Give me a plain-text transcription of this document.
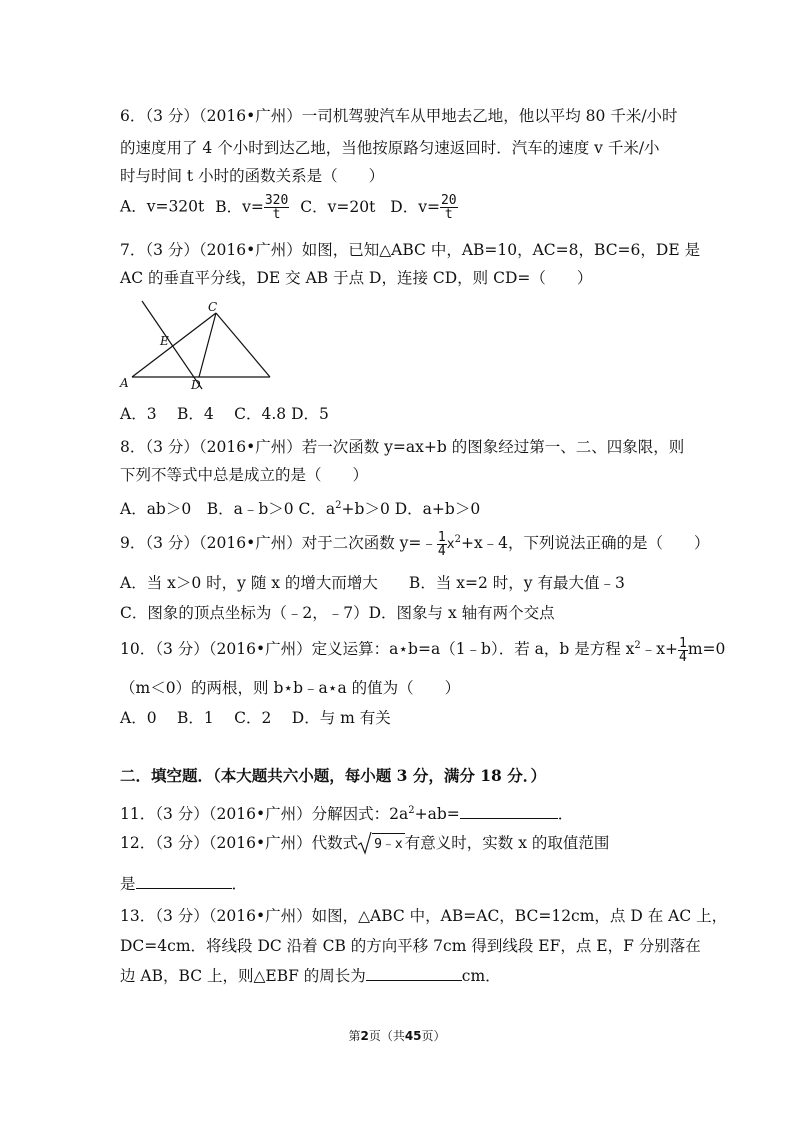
6．（3 分）（2016•广州）一司机驾驶汽车从甲地去乙地，他以平均 80 千米/小时
的速度用了 4 个小时到达乙地，当他按原路匀速返回时．汽车的速度 v 千米/小
时与时间 t 小时的函数关系是（　　）
A．v=320t B．$v= \frac{320}{t}$ C．v=20t D．$v= \frac{20}{t}$
7．（3 分）（2016•广州）如图，已知△ABC 中，AB=10，AC=8，BC=6，DE 是
AC 的垂直平分线，DE 交 AB 于点 D，连接 CD，则 CD=（　　）
C
E
A	D
A．3　 B．4　 C．4.8 D．5
8．（3 分）（2016•广州）若一次函数 y=ax+b 的图象经过第一、二、四象限，则
下列不等式中总是成立的是（　　）
A．ab＞0　B．a﹣b＞0 C．$a^2+b>0$ D．a+b＞0
9．（3 分）（2016•广州）对于二次函数 y=﹣ $\frac{1}{4}$ $x^2+x﹣4$，下列说法正确的是（　　）
A．当 x＞0 时，y 随 x 的增大而增大　　B．当 x=2 时，y 有最大值﹣3
C．图象的顶点坐标为（﹣2，﹣7）D．图象与 x 轴有两个交点
10．（3 分）（2016•广州）定义运算：a⋆b=a（1﹣b）．若 a，b 是方程 $x^2﹣x+ \frac{1}{4} m=0$
（m＜0）的两根，则 b⋆b﹣a⋆a 的值为（　　）
A．0　 B．1　 C．2　 D．与 m 有关
二．填空题．（本大题共六小题，每小题 3 分，满分 18 分．）
11．（3 分）（2016•广州）分解因式：$2a^2+ab=$	．
12．（3 分）（2016•广州）代数式 9﹣x 有意义时，实数 x 的取值范围
是	．
13．（3 分）（2016•广州）如图，△ABC 中，AB=AC，BC=12cm，点 D 在 AC 上，
DC=4cm．将线段 DC 沿着 CB 的方向平移 7cm 得到线段 EF，点 E，F 分别落在
边 AB，BC 上，则△EBF 的周长为	cm．
第2页（共45页）
